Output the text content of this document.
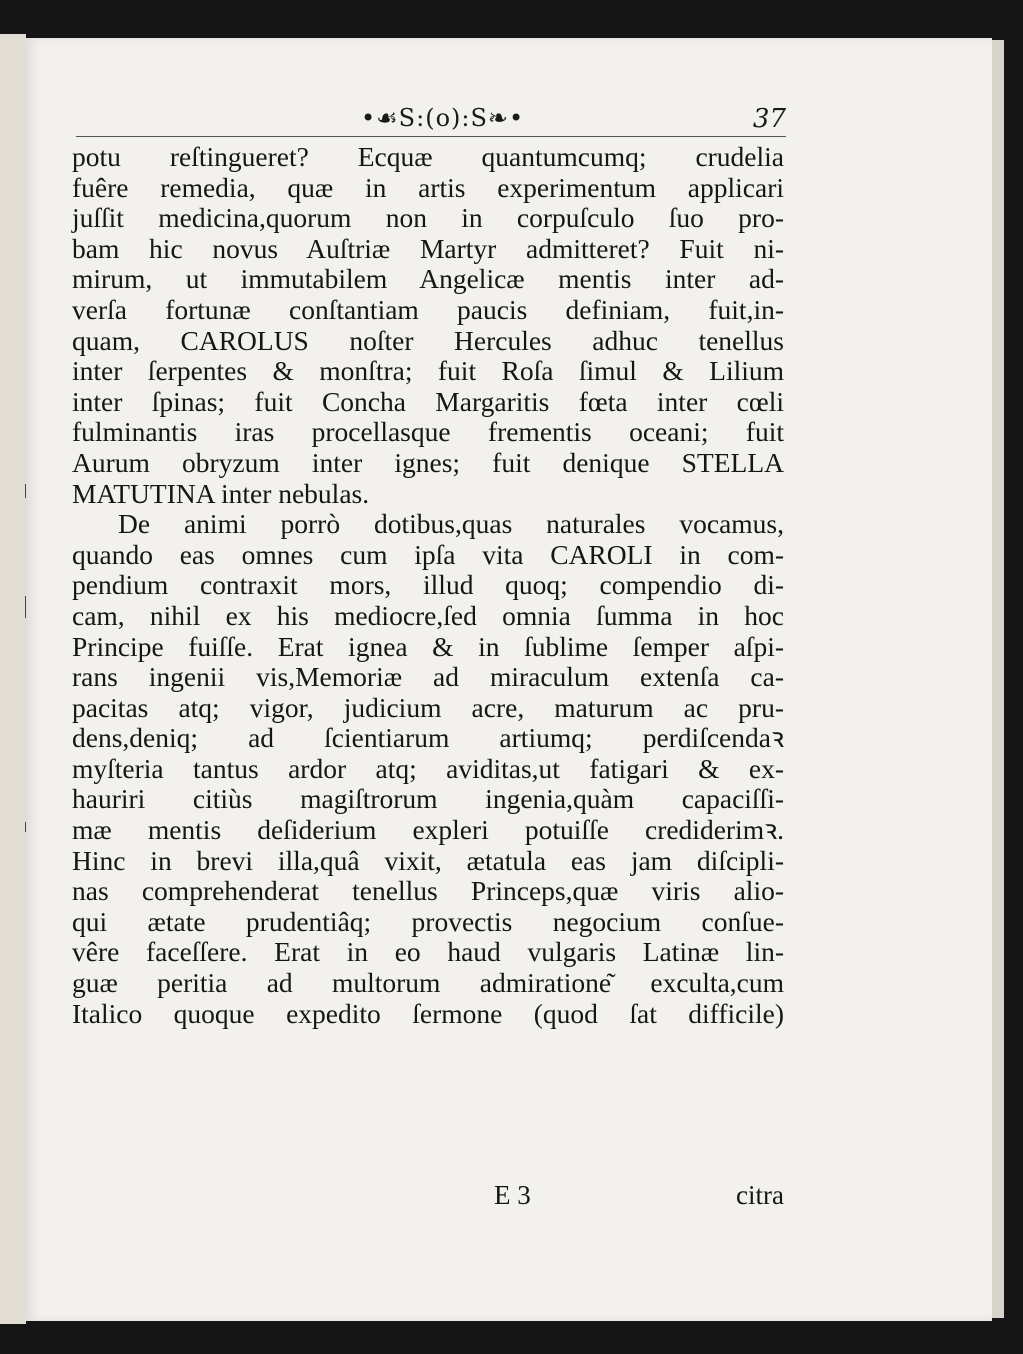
•☙S:(o):S❧•	37
potu reſtingueret? Ecquæ quantumcumq; crudelia
fuêre remedia, quæ in artis experimentum applicari
juſſit medicina,quorum non in corpuſculo ſuo pro-
bam hic novus Auſtriæ Martyr admitteret? Fuit ni-
mirum, ut immutabilem Angelicæ mentis inter ad-
verſa fortunæ conſtantiam paucis definiam, fuit,in-
quam, CAROLUS noſter Hercules adhuc tenellus
inter ſerpentes & monſtra; fuit Roſa ſimul & Lilium
inter ſpinas; fuit Concha Margaritis fœta inter cœli
fulminantis iras procellasque frementis oceani; fuit
Aurum obryzum inter ignes; fuit denique STELLA
MATUTINA inter nebulas.
De animi porrò dotibus,quas naturales vocamus,
quando eas omnes cum ipſa vita CAROLI in com-
pendium contraxit mors, illud quoq; compendio di-
cam, nihil ex his mediocre,ſed omnia ſumma in hoc
Principe fuiſſe. Erat ignea & in ſublime ſemper aſpi-
rans ingenii vis,Memoriæ ad miraculum extenſa ca-
pacitas atq; vigor, judicium acre, maturum ac pru-
dens,deniq; ad ſcientiarum artiumq; perdiſcendaꝛ
myſteria tantus ardor atq; aviditas,ut fatigari & ex-
hauriri citiùs magiſtrorum ingenia,quàm capaciſſi-
mæ mentis deſiderium expleri potuiſſe crediderimꝛ.
Hinc in brevi illa,quâ vixit, ætatula eas jam diſcipli-
nas comprehenderat tenellus Princeps,quæ viris alio-
qui ætate prudentiâq; provectis negocium conſue-
vêre faceſſere. Erat in eo haud vulgaris Latinæ lin-
guæ peritia ad multorum admiratione͂ exculta,cum
Italico quoque expedito ſermone (quod ſat difficile)
E 3	citra
